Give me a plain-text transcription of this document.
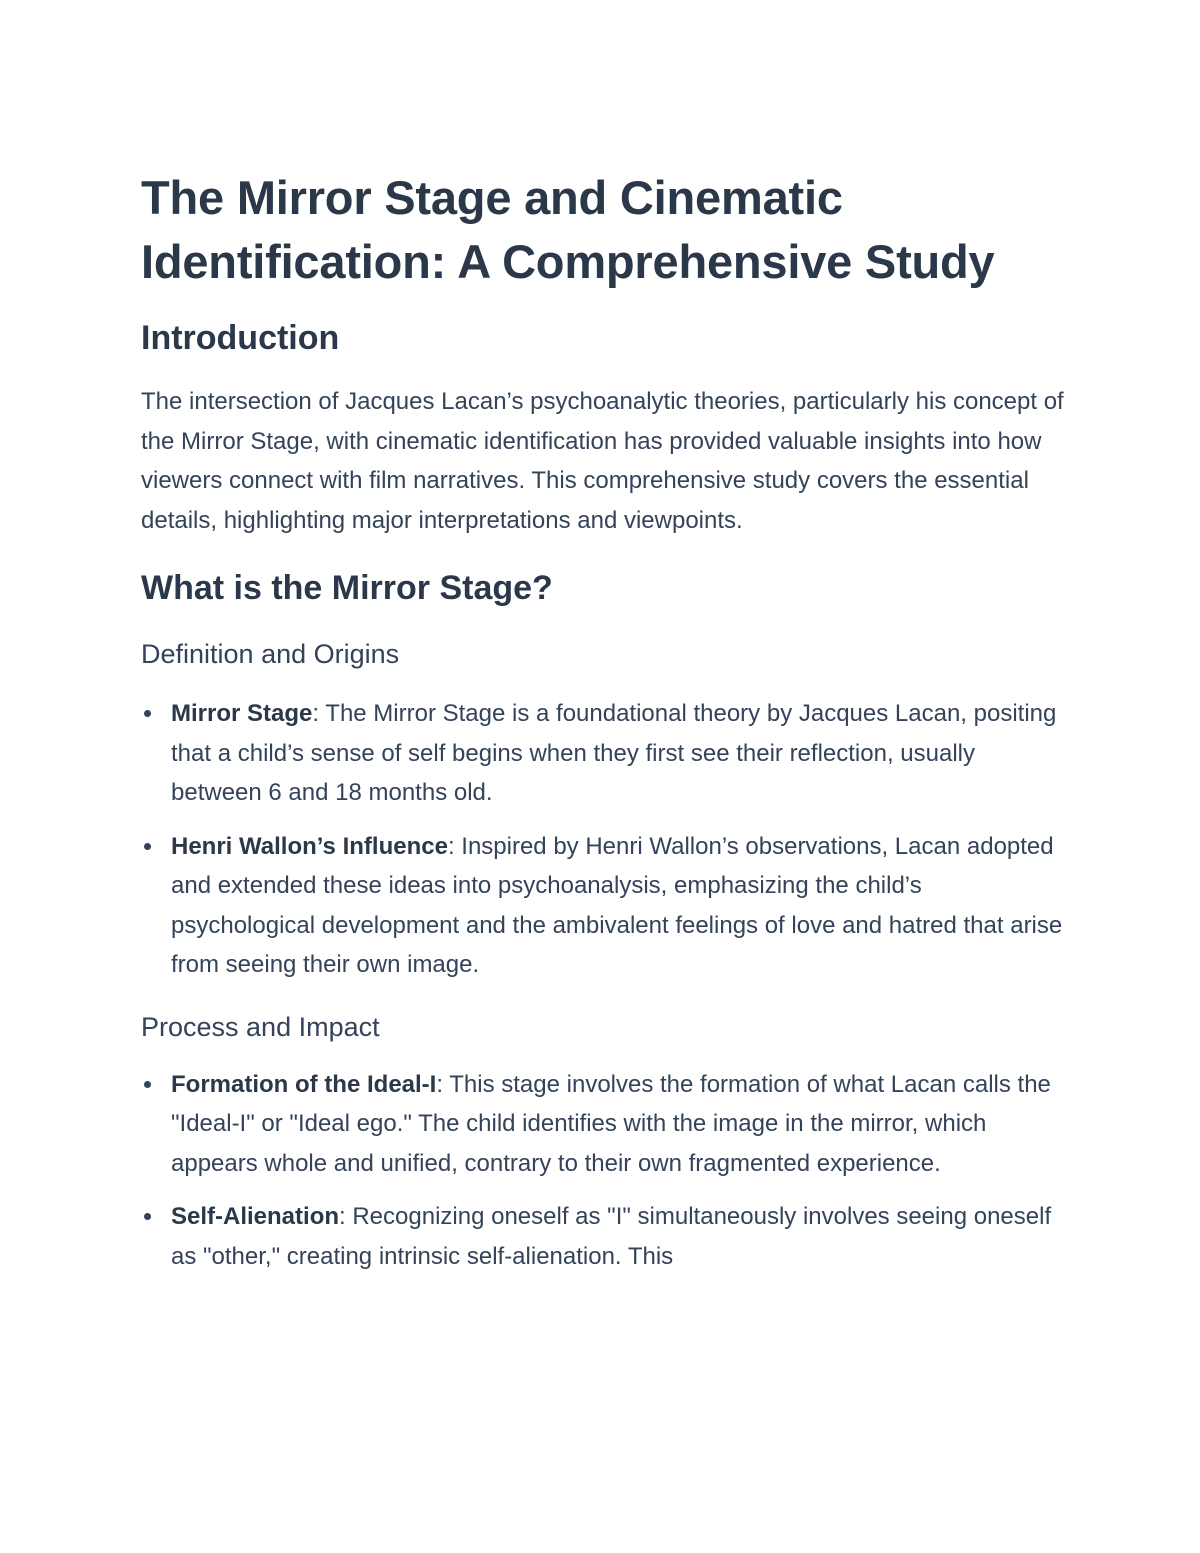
The Mirror Stage and Cinematic Identification: A Comprehensive Study
Introduction

The intersection of Jacques Lacan’s psychoanalytic theories, particularly his concept of the Mirror Stage, with cinematic identification has provided valuable insights into how viewers connect with film narratives. This comprehensive study covers the essential details, highlighting major interpretations and viewpoints.

What is the Mirror Stage?
Definition and Origins
Mirror Stage: The Mirror Stage is a foundational theory by Jacques Lacan, positing that a child’s sense of self begins when they first see their reflection, usually between 6 and 18 months old.
Henri Wallon’s Influence: Inspired by Henri Wallon’s observations, Lacan adopted and extended these ideas into psychoanalysis, emphasizing the child’s psychological development and the ambivalent feelings of love and hatred that arise from seeing their own image.
Process and Impact
Formation of the Ideal-I: This stage involves the formation of what Lacan calls the "Ideal-I" or "Ideal ego." The child identifies with the image in the mirror, which appears whole and unified, contrary to their own fragmented experience.
Self-Alienation: Recognizing oneself as "I" simultaneously involves seeing oneself as "other," creating intrinsic self-alienation. This
